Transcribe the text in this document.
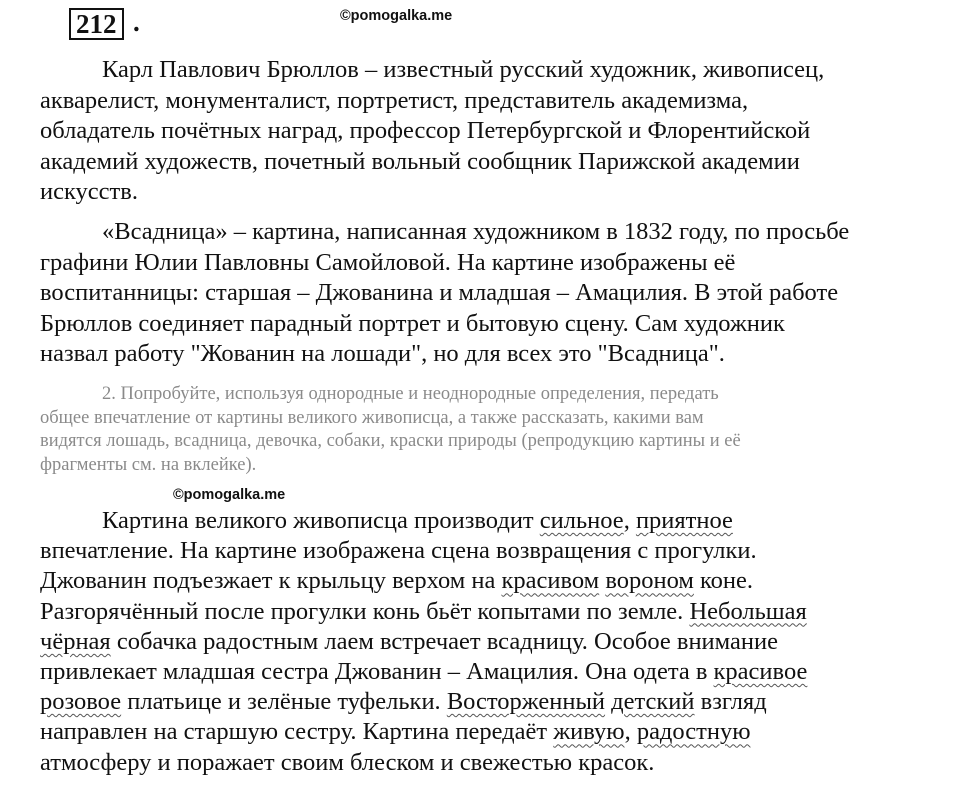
212 .	©pomogalka.me

Карл Павлович Брюллов – известный русский художник, живописец,
акварелист, монументалист, портретист, представитель академизма,
обладатель почётных наград, профессор Петербургской и Флорентийской
академий художеств, почетный вольный сообщник Парижской академии
искусств.

«Всадница» – картина, написанная художником в 1832 году, по просьбе
графини Юлии Павловны Самойловой. На картине изображены её
воспитанницы: старшая – Джованина и младшая – Амацилия. В этой работе
Брюллов соединяет парадный портрет и бытовую сцену. Сам художник
назвал работу "Жованин на лошади", но для всех это "Всадница".

2. Попробуйте, используя однородные и неоднородные определения, передать
общее впечатление от картины великого живописца, а также рассказать, какими вам
видятся лошадь, всадница, девочка, собаки, краски природы (репродукцию картины и её
фрагменты см. на вклейке).

©pomogalka.me

Картина великого живописца производит сильное, приятное
впечатление. На картине изображена сцена возвращения с прогулки.
Джованин подъезжает к крыльцу верхом на красивом вороном коне.
Разгорячённый после прогулки конь бьёт копытами по земле. Небольшая
чёрная собачка радостным лаем встречает всадницу. Особое внимание
привлекает младшая сестра Джованин – Амацилия. Она одета в красивое
розовое платьице и зелёные туфельки. Восторженный детский взгляд
направлен на старшую сестру. Картина передаёт живую, радостную
атмосферу и поражает своим блеском и свежестью красок.
